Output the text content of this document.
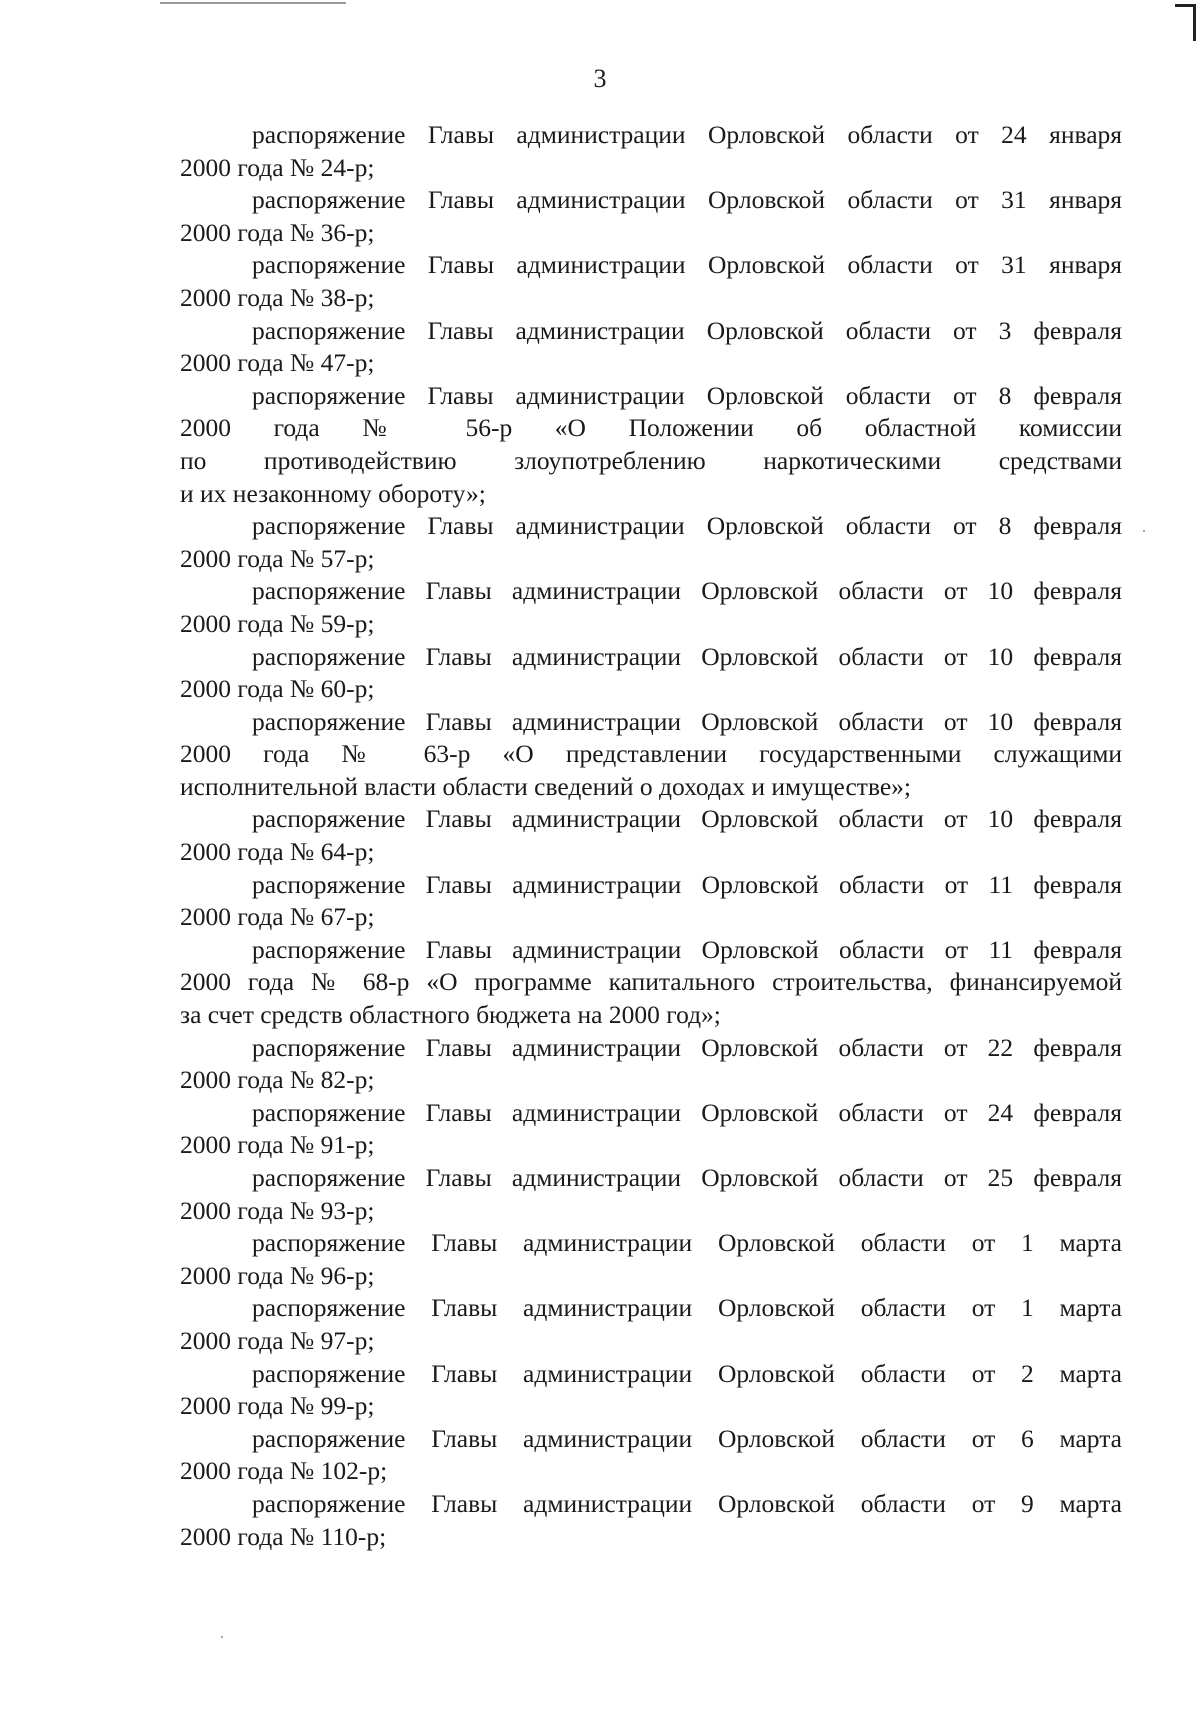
3

распоряжение Главы администрации Орловской области от 24 января
2000 года № 24-р;

распоряжение Главы администрации Орловской области от 31 января
2000 года № 36-р;

распоряжение Главы администрации Орловской области от 31 января
2000 года № 38-р;

распоряжение Главы администрации Орловской области от 3 февраля
2000 года № 47-р;

распоряжение Главы администрации Орловской области от 8 февраля
2000 года № 56-р «О Положении об областной комиссии
по противодействию злоупотреблению наркотическими средствами
и их незаконному обороту»;

распоряжение Главы администрации Орловской области от 8 февраля
2000 года № 57-р;

распоряжение Главы администрации Орловской области от 10 февраля
2000 года № 59-р;

распоряжение Главы администрации Орловской области от 10 февраля
2000 года № 60-р;

распоряжение Главы администрации Орловской области от 10 февраля
2000 года № 63-р «О представлении государственными служащими
исполнительной власти области сведений о доходах и имуществе»;

распоряжение Главы администрации Орловской области от 10 февраля
2000 года № 64-р;

распоряжение Главы администрации Орловской области от 11 февраля
2000 года № 67-р;

распоряжение Главы администрации Орловской области от 11 февраля
2000 года № 68-р «О программе капитального строительства, финансируемой
за счет средств областного бюджета на 2000 год»;

распоряжение Главы администрации Орловской области от 22 февраля
2000 года № 82-р;

распоряжение Главы администрации Орловской области от 24 февраля
2000 года № 91-р;

распоряжение Главы администрации Орловской области от 25 февраля
2000 года № 93-р;

распоряжение Главы администрации Орловской области от 1 марта
2000 года № 96-р;

распоряжение Главы администрации Орловской области от 1 марта
2000 года № 97-р;

распоряжение Главы администрации Орловской области от 2 марта
2000 года № 99-р;

распоряжение Главы администрации Орловской области от 6 марта
2000 года № 102-р;

распоряжение Главы администрации Орловской области от 9 марта
2000 года № 110-р;
